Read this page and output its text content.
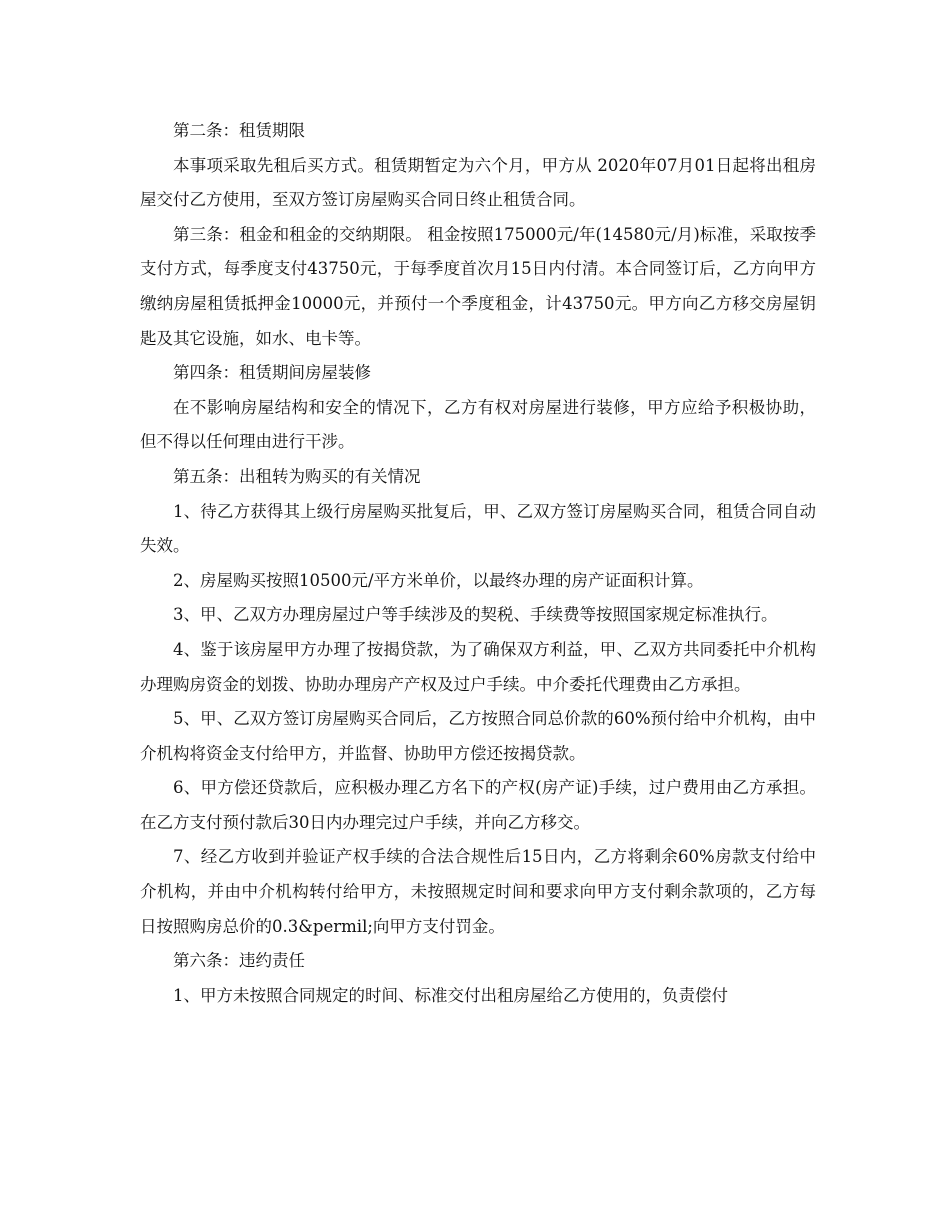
第二条：租赁期限

本事项采取先租后买方式。租赁期暂定为六个月，甲方从 2020年07月01日起将出租房屋交付乙方使用，至双方签订房屋购买合同日终止租赁合同。

第三条：租金和租金的交纳期限。 租金按照175000元/年(14580元/月)标准，采取按季支付方式，每季度支付43750元，于每季度首次月15日内付清。本合同签订后，乙方向甲方缴纳房屋租赁抵押金10000元，并预付一个季度租金，计43750元。甲方向乙方移交房屋钥匙及其它设施，如水、电卡等。

第四条：租赁期间房屋装修

在不影响房屋结构和安全的情况下，乙方有权对房屋进行装修，甲方应给予积极协助，但不得以任何理由进行干涉。

第五条：出租转为购买的有关情况

1、待乙方获得其上级行房屋购买批复后，甲、乙双方签订房屋购买合同，租赁合同自动失效。

2、房屋购买按照10500元/平方米单价，以最终办理的房产证面积计算。

3、甲、乙双方办理房屋过户等手续涉及的契税、手续费等按照国家规定标准执行。

4、鉴于该房屋甲方办理了按揭贷款，为了确保双方利益，甲、乙双方共同委托中介机构办理购房资金的划拨、协助办理房产产权及过户手续。中介委托代理费由乙方承担。

5、甲、乙双方签订房屋购买合同后，乙方按照合同总价款的60%预付给中介机构，由中介机构将资金支付给甲方，并监督、协助甲方偿还按揭贷款。

6、甲方偿还贷款后，应积极办理乙方名下的产权(房产证)手续，过户费用由乙方承担。在乙方支付预付款后30日内办理完过户手续，并向乙方移交。

7、经乙方收到并验证产权手续的合法合规性后15日内，乙方将剩余60%房款支付给中介机构，并由中介机构转付给甲方，未按照规定时间和要求向甲方支付剩余款项的，乙方每日按照购房总价的0.3&permil;向甲方支付罚金。

第六条：违约责任

1、甲方未按照合同规定的时间、标准交付出租房屋给乙方使用的，负责偿付
